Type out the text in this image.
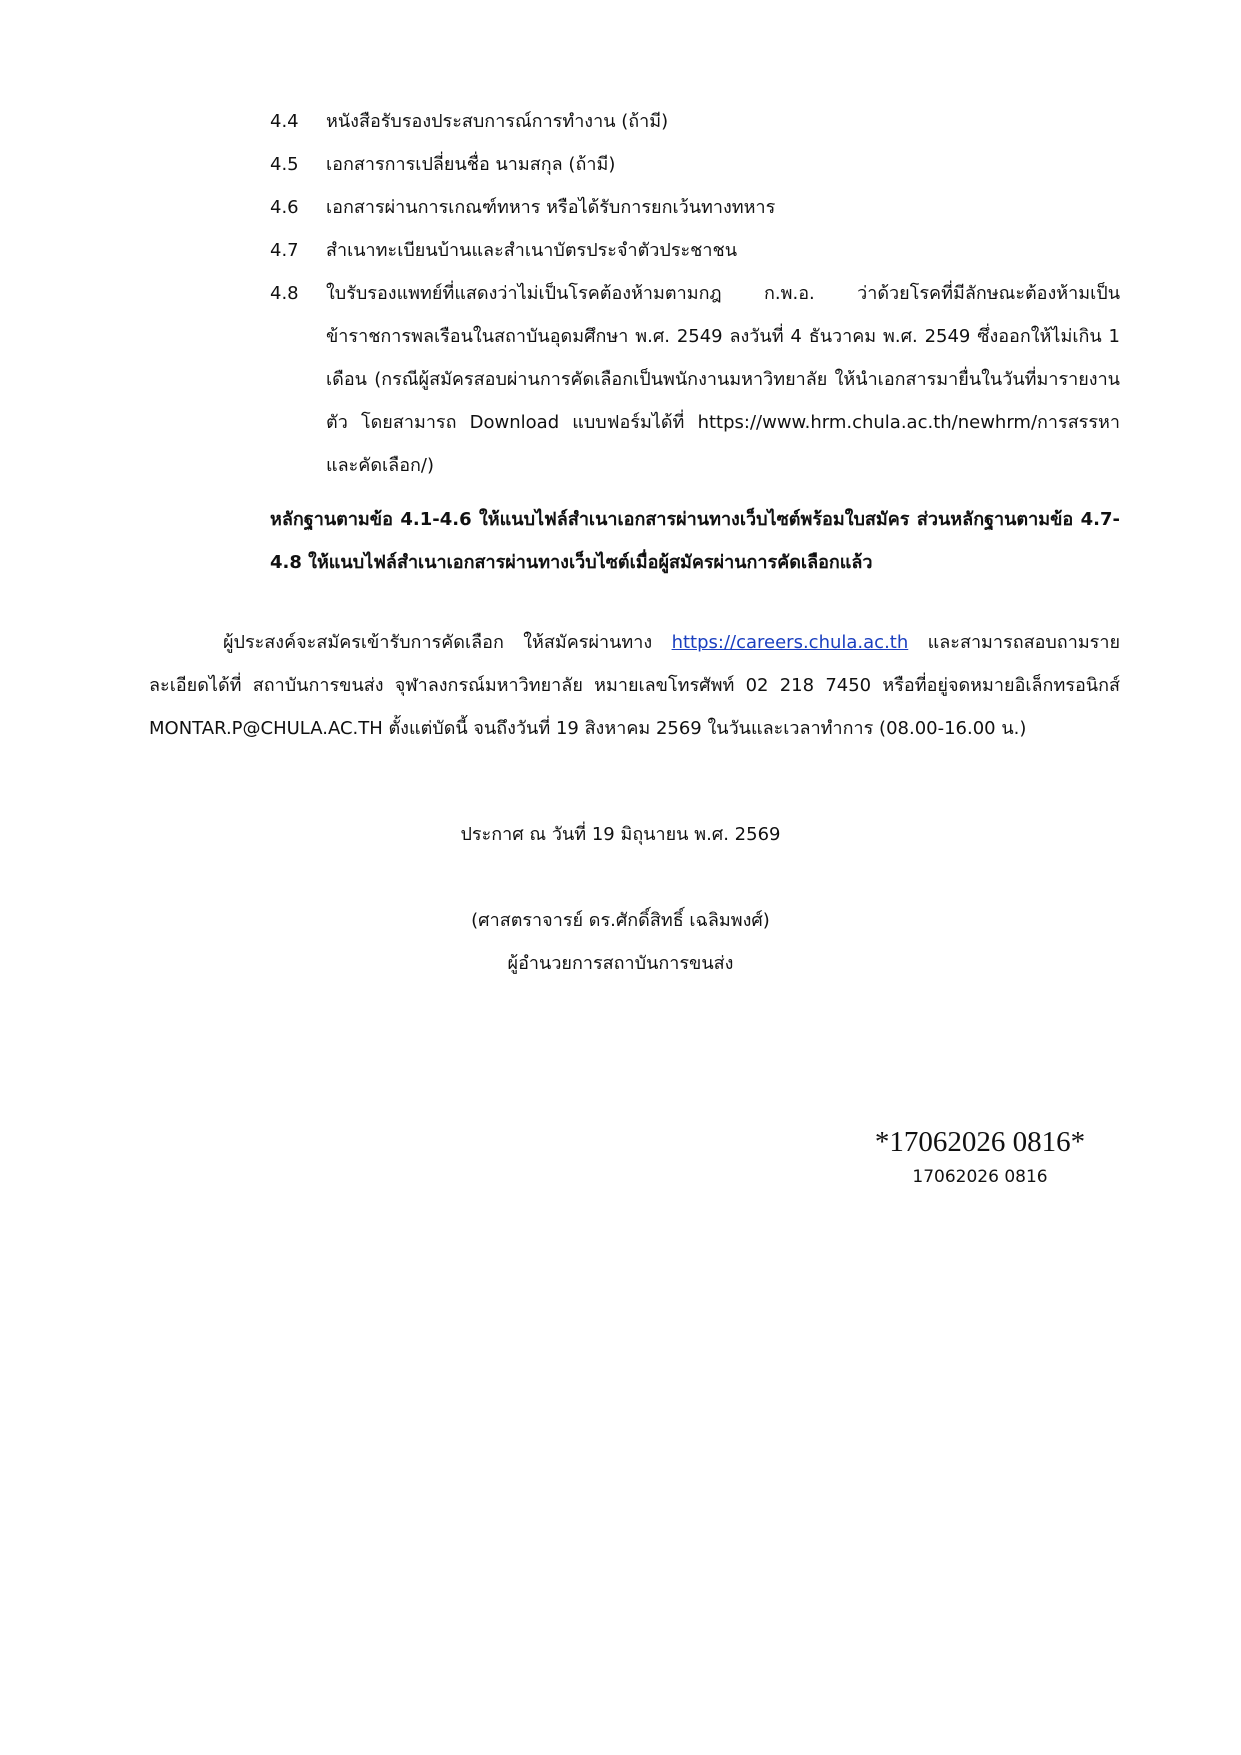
4.4	หนังสือรับรองประสบการณ์การทำงาน (ถ้ามี)
4.5	เอกสารการเปลี่ยนชื่อ นามสกุล (ถ้ามี)
4.6	เอกสารผ่านการเกณฑ์ทหาร หรือได้รับการยกเว้นทางทหาร
4.7	สำเนาทะเบียนบ้านและสำเนาบัตรประจำตัวประชาชน
4.8	ใบรับรองแพทย์ที่แสดงว่าไม่เป็นโรคต้องห้ามตามกฎ ก.พ.อ. ว่าด้วยโรคที่มีลักษณะต้องห้ามเป็นข้าราชการพลเรือนในสถาบันอุดมศึกษา พ.ศ. 2549 ลงวันที่ 4 ธันวาคม พ.ศ. 2549 ซึ่งออกให้ไม่เกิน 1 เดือน (กรณีผู้สมัครสอบผ่านการคัดเลือกเป็นพนักงานมหาวิทยาลัย ให้นำเอกสารมายื่นในวันที่มารายงานตัว โดยสามารถ Download แบบฟอร์มได้ที่ https://www.hrm.chula.ac.th/newhrm/การสรรหาและคัดเลือก/)
หลักฐานตามข้อ 4.1-4.6 ให้แนบไฟล์สำเนาเอกสารผ่านทางเว็บไซต์พร้อมใบสมัคร ส่วนหลักฐานตามข้อ 4.7-4.8 ให้แนบไฟล์สำเนาเอกสารผ่านทางเว็บไซต์เมื่อผู้สมัครผ่านการคัดเลือกแล้ว
ผู้ประสงค์จะสมัครเข้ารับการคัดเลือก ให้สมัครผ่านทาง https://careers.chula.ac.th และสามารถสอบถามรายละเอียดได้ที่ สถาบันการขนส่ง จุฬาลงกรณ์มหาวิทยาลัย หมายเลขโทรศัพท์ 02 218 7450 หรือที่อยู่จดหมายอิเล็กทรอนิกส์ MONTAR.P@CHULA.AC.TH ตั้งแต่บัดนี้ จนถึงวันที่ 19 สิงหาคม 2569 ในวันและเวลาทำการ (08.00-16.00 น.)
ประกาศ ณ วันที่ 19 มิถุนายน พ.ศ. 2569
(ศาสตราจารย์ ดร.ศักดิ์สิทธิ์ เฉลิมพงศ์)
ผู้อำนวยการสถาบันการขนส่ง
*17062026 0816*
17062026 0816
